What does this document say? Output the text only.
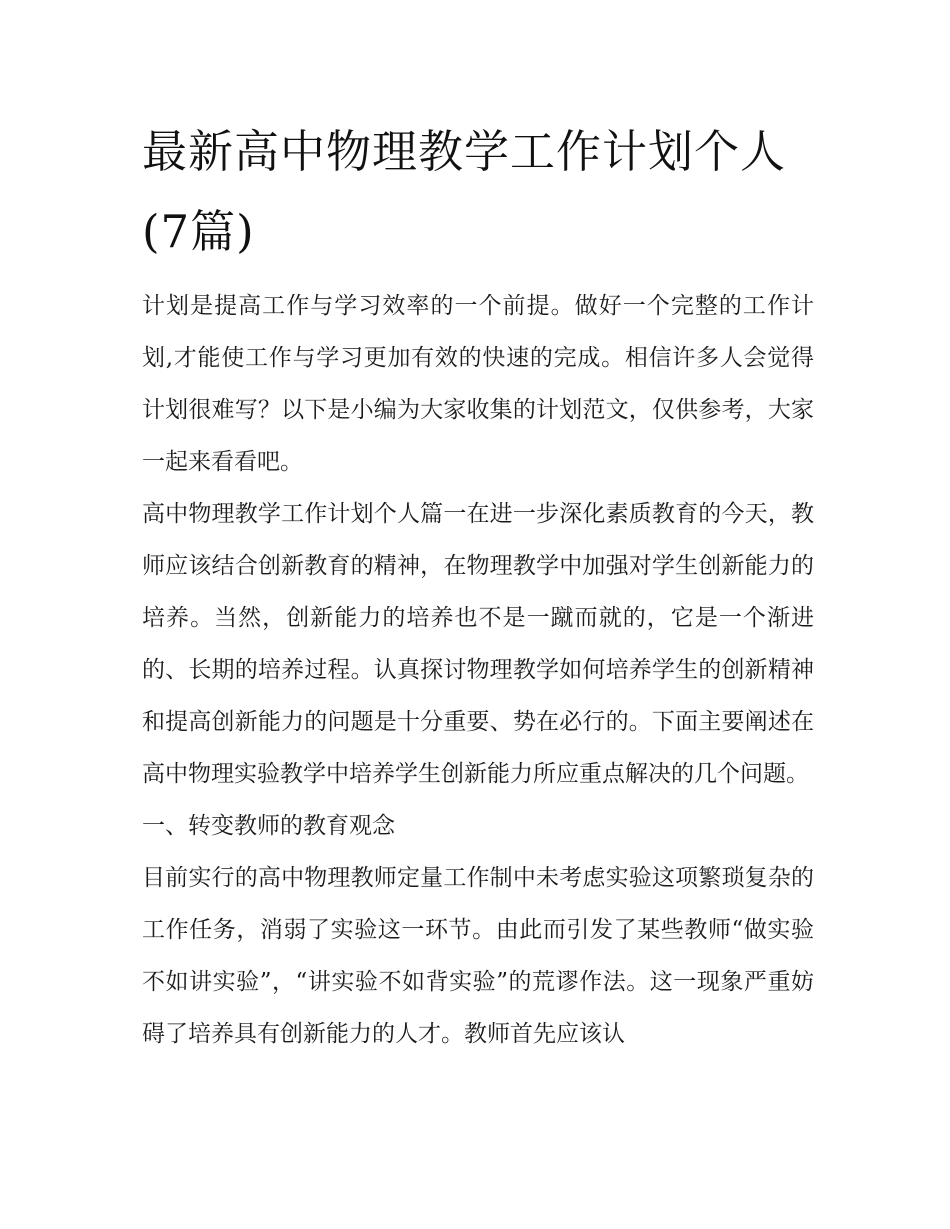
最新高中物理教学工作计划个人(7篇)

计划是提高工作与学习效率的一个前提。做好一个完整的工作计划,才能使工作与学习更加有效的快速的完成。相信许多人会觉得计划很难写？以下是小编为大家收集的计划范文，仅供参考，大家一起来看看吧。

高中物理教学工作计划个人篇一在进一步深化素质教育的今天，教师应该结合创新教育的精神，在物理教学中加强对学生创新能力的培养。当然，创新能力的培养也不是一蹴而就的，它是一个渐进的、长期的培养过程。认真探讨物理教学如何培养学生的创新精神和提高创新能力的问题是十分重要、势在必行的。下面主要阐述在高中物理实验教学中培养学生创新能力所应重点解决的几个问题。

一、转变教师的教育观念

目前实行的高中物理教师定量工作制中未考虑实验这项繁琐复杂的工作任务，消弱了实验这一环节。由此而引发了某些教师“做实验不如讲实验”，“讲实验不如背实验”的荒谬作法。这一现象严重妨碍了培养具有创新能力的人才。教师首先应该认
